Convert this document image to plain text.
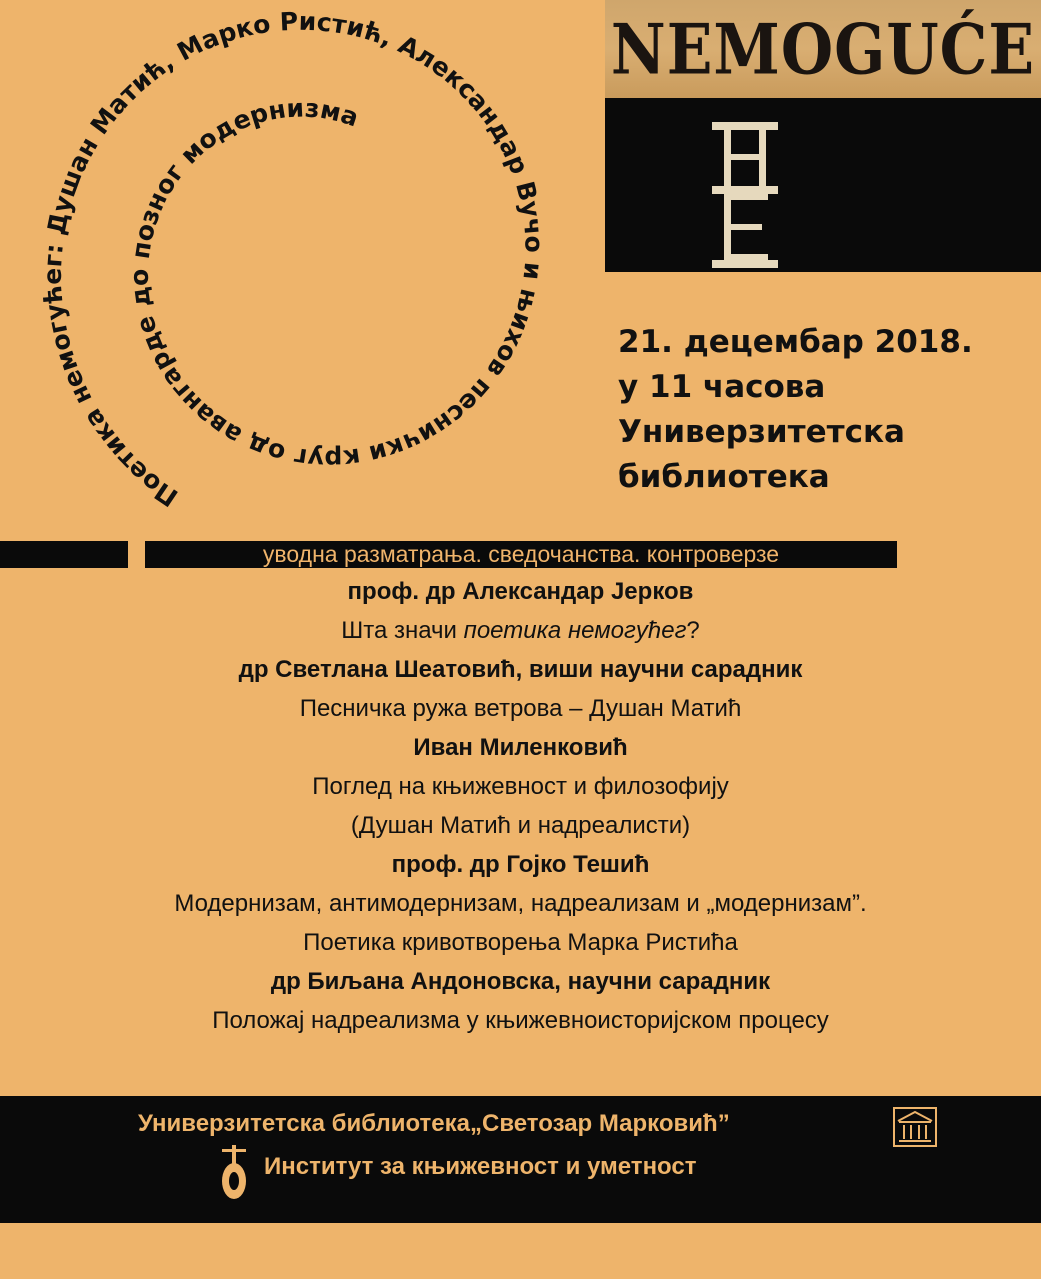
NEMOGUĆE
Поетика немогућег: Душан Матић, Марко Ристић, Александар Вучо и њихов песнички круг од авангарде до позног модернизма
21. децембар 2018.
у 11 часова
Универзитетска
библиотека
уводна разматрања. сведочанства. контроверзе
проф. др Александар Јерков
Шта значи поетика немогућег?
др Светлана Шеатовић, виши научни сарадник
Песничка ружа ветрова – Душан Матић
Иван Миленковић
Поглед на књижевност и филозофију
(Душан Матић и надреалисти)
проф. др Гојко Тешић
Модернизам, антимодернизам, надреализам и „модернизам”.
Поетика кривотворења Марка Ристића
др Биљана Андоновска, научни сарадник
Положај надреализма у књижевноисторијском процесу
Универзитетска библиотека„Светозар Марковић”
Институт за књижевност и уметност
